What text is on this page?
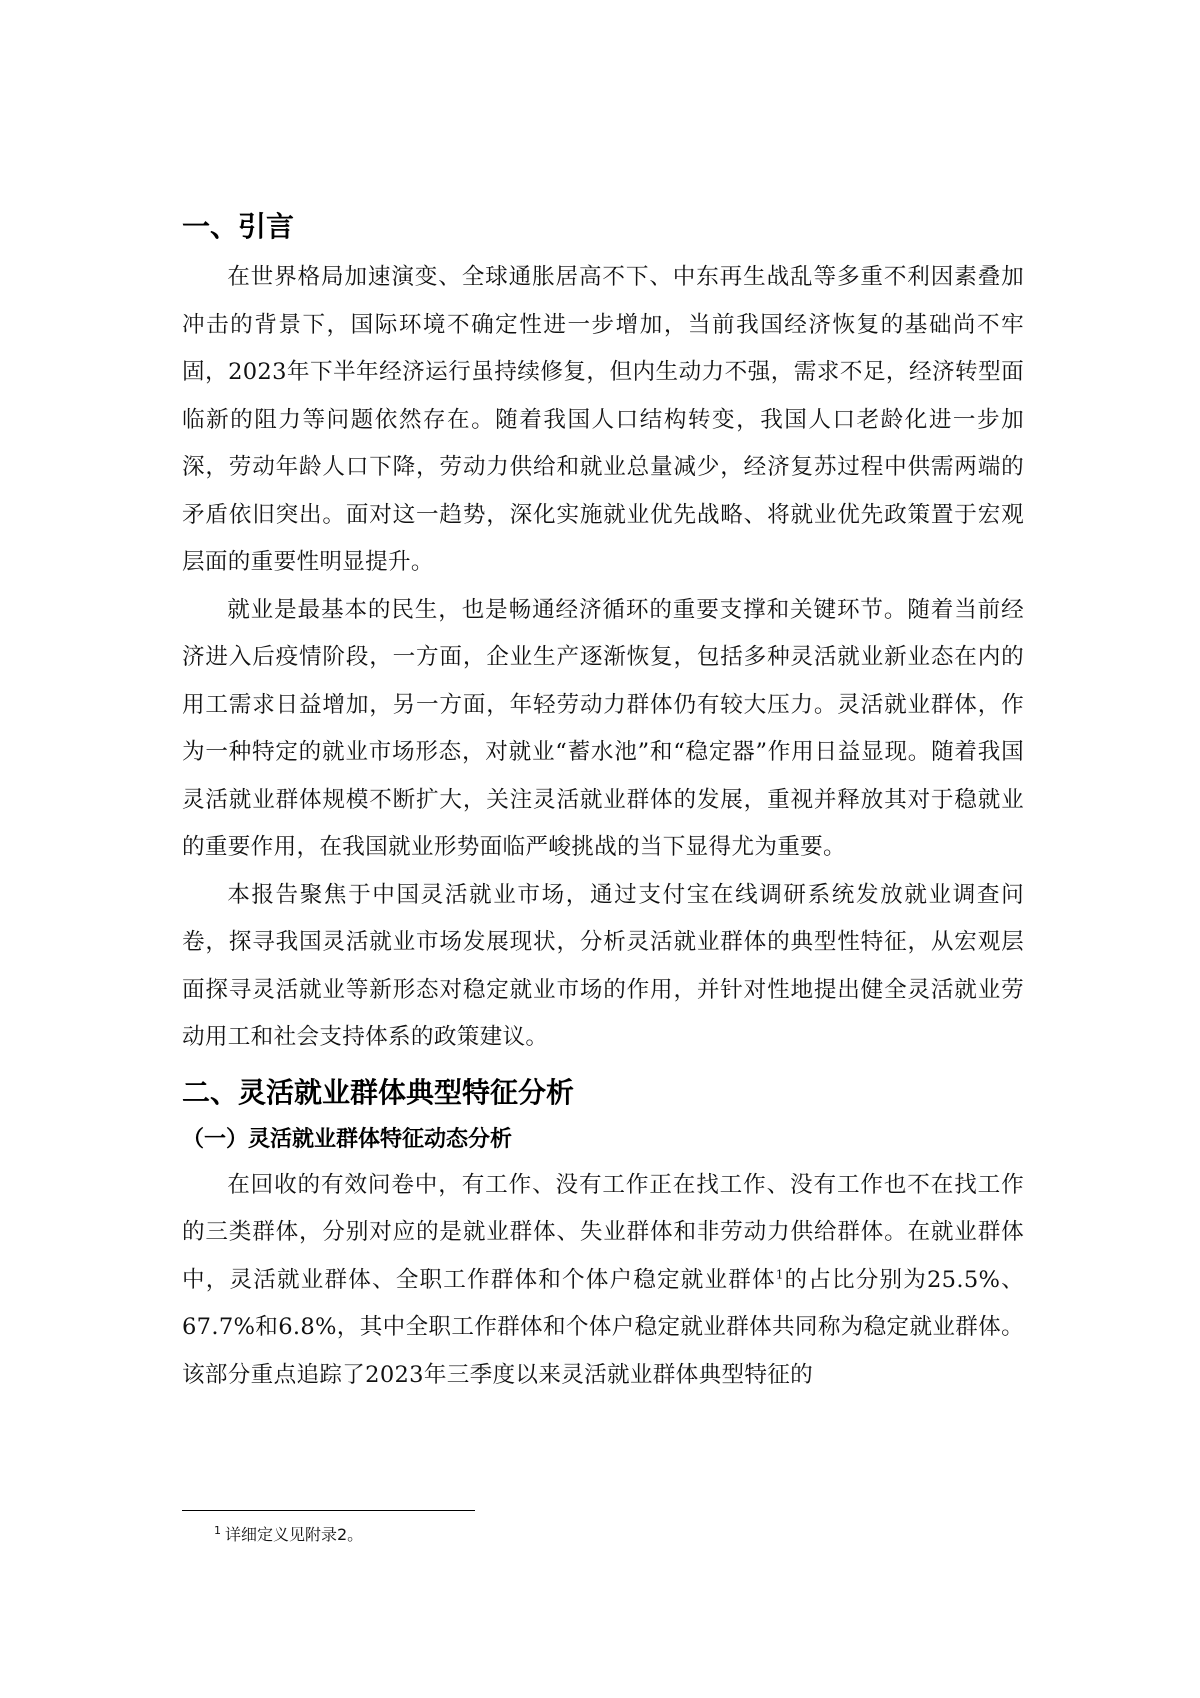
一、引言

在世界格局加速演变、全球通胀居高不下、中东再生战乱等多重不利因素叠加冲击的背景下，国际环境不确定性进一步增加，当前我国经济恢复的基础尚不牢固，2023年下半年经济运行虽持续修复，但内生动力不强，需求不足，经济转型面临新的阻力等问题依然存在。随着我国人口结构转变，我国人口老龄化进一步加深，劳动年龄人口下降，劳动力供给和就业总量减少，经济复苏过程中供需两端的矛盾依旧突出。面对这一趋势，深化实施就业优先战略、将就业优先政策置于宏观层面的重要性明显提升。

就业是最基本的民生，也是畅通经济循环的重要支撑和关键环节。随着当前经济进入后疫情阶段，一方面，企业生产逐渐恢复，包括多种灵活就业新业态在内的用工需求日益增加，另一方面，年轻劳动力群体仍有较大压力。灵活就业群体，作为一种特定的就业市场形态，对就业“蓄水池”和“稳定器”作用日益显现。随着我国灵活就业群体规模不断扩大，关注灵活就业群体的发展，重视并释放其对于稳就业的重要作用，在我国就业形势面临严峻挑战的当下显得尤为重要。

本报告聚焦于中国灵活就业市场，通过支付宝在线调研系统发放就业调查问卷，探寻我国灵活就业市场发展现状，分析灵活就业群体的典型性特征，从宏观层面探寻灵活就业等新形态对稳定就业市场的作用，并针对性地提出健全灵活就业劳动用工和社会支持体系的政策建议。

二、灵活就业群体典型特征分析
（一）灵活就业群体特征动态分析

在回收的有效问卷中，有工作、没有工作正在找工作、没有工作也不在找工作的三类群体，分别对应的是就业群体、失业群体和非劳动力供给群体。在就业群体中，灵活就业群体、全职工作群体和个体户稳定就业群体$^1$的占比分别为25.5%、67.7%和6.8%，其中全职工作群体和个体户稳定就业群体共同称为稳定就业群体。该部分重点追踪了2023年三季度以来灵活就业群体典型特征的

$^1$ 详细定义见附录2。
